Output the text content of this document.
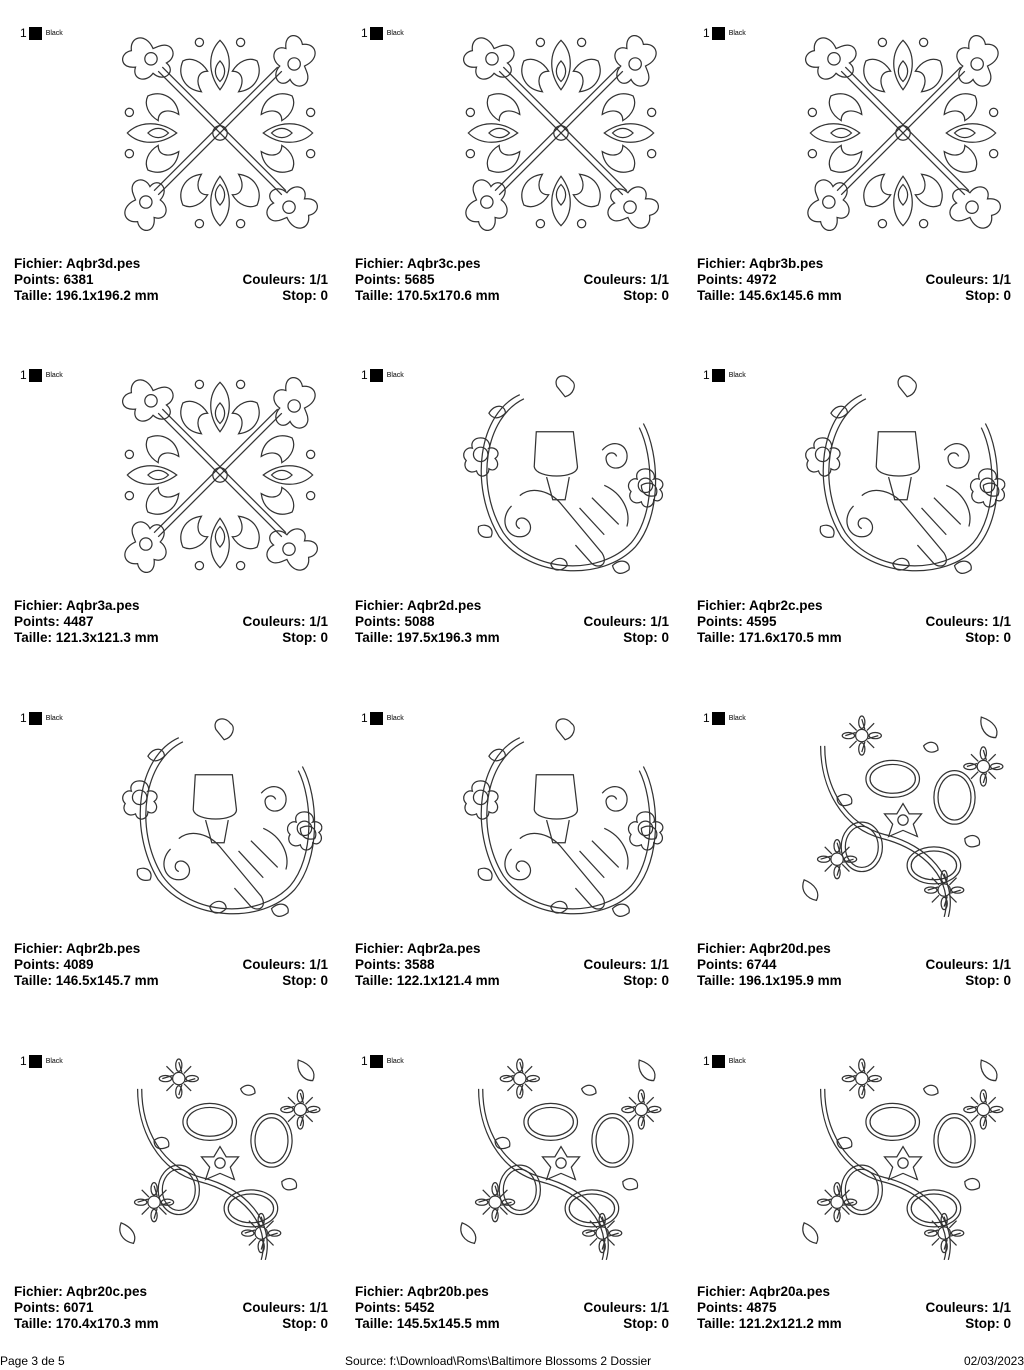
1	Black
Fichier: Aqbr3d.pes
Points: 6381	Couleurs: 1/1
Taille: 196.1x196.2 mm	Stop: 0
1	Black
Fichier: Aqbr3c.pes
Points: 5685	Couleurs: 1/1
Taille: 170.5x170.6 mm	Stop: 0
1	Black
Fichier: Aqbr3b.pes
Points: 4972	Couleurs: 1/1
Taille: 145.6x145.6 mm	Stop: 0
1	Black
Fichier: Aqbr3a.pes
Points: 4487	Couleurs: 1/1
Taille: 121.3x121.3 mm	Stop: 0
1	Black
Fichier: Aqbr2d.pes
Points: 5088	Couleurs: 1/1
Taille: 197.5x196.3 mm	Stop: 0
1	Black
Fichier: Aqbr2c.pes
Points: 4595	Couleurs: 1/1
Taille: 171.6x170.5 mm	Stop: 0
1	Black
Fichier: Aqbr2b.pes
Points: 4089	Couleurs: 1/1
Taille: 146.5x145.7 mm	Stop: 0
1	Black
Fichier: Aqbr2a.pes
Points: 3588	Couleurs: 1/1
Taille: 122.1x121.4 mm	Stop: 0
1	Black
Fichier: Aqbr20d.pes
Points: 6744	Couleurs: 1/1
Taille: 196.1x195.9 mm	Stop: 0
1	Black
Fichier: Aqbr20c.pes
Points: 6071	Couleurs: 1/1
Taille: 170.4x170.3 mm	Stop: 0
1	Black
Fichier: Aqbr20b.pes
Points: 5452	Couleurs: 1/1
Taille: 145.5x145.5 mm	Stop: 0
1	Black
Fichier: Aqbr20a.pes
Points: 4875	Couleurs: 1/1
Taille: 121.2x121.2 mm	Stop: 0
Page 3 de 5	Source: f:\Download\Roms\Baltimore Blossoms 2 Dossier	02/03/2023
